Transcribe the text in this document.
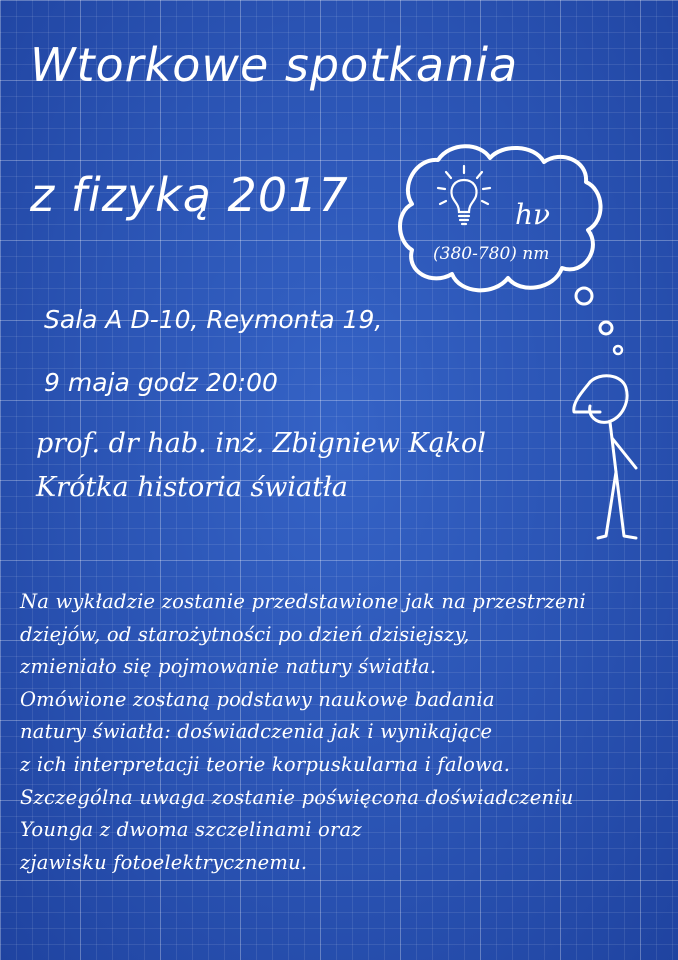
Wtorkowe spotkania
z fizyką 2017	hν
(380-780) nm
Sala A D-10, Reymonta 19,
9 maja godz 20:00
prof. dr hab. inż. Zbigniew Kąkol
Krótka historia światła
Na wykładzie zostanie przedstawione jak na przestrzeni
dziejów, od starożytności po dzień dzisiejszy,
zmieniało się pojmowanie natury światła.
Omówione zostaną podstawy naukowe badania
natury światła: doświadczenia jak i wynikające
z ich interpretacji teorie korpuskularna i falowa.
Szczególna uwaga zostanie poświęcona doświadczeniu
Younga z dwoma szczelinami oraz
zjawisku fotoelektrycznemu.
